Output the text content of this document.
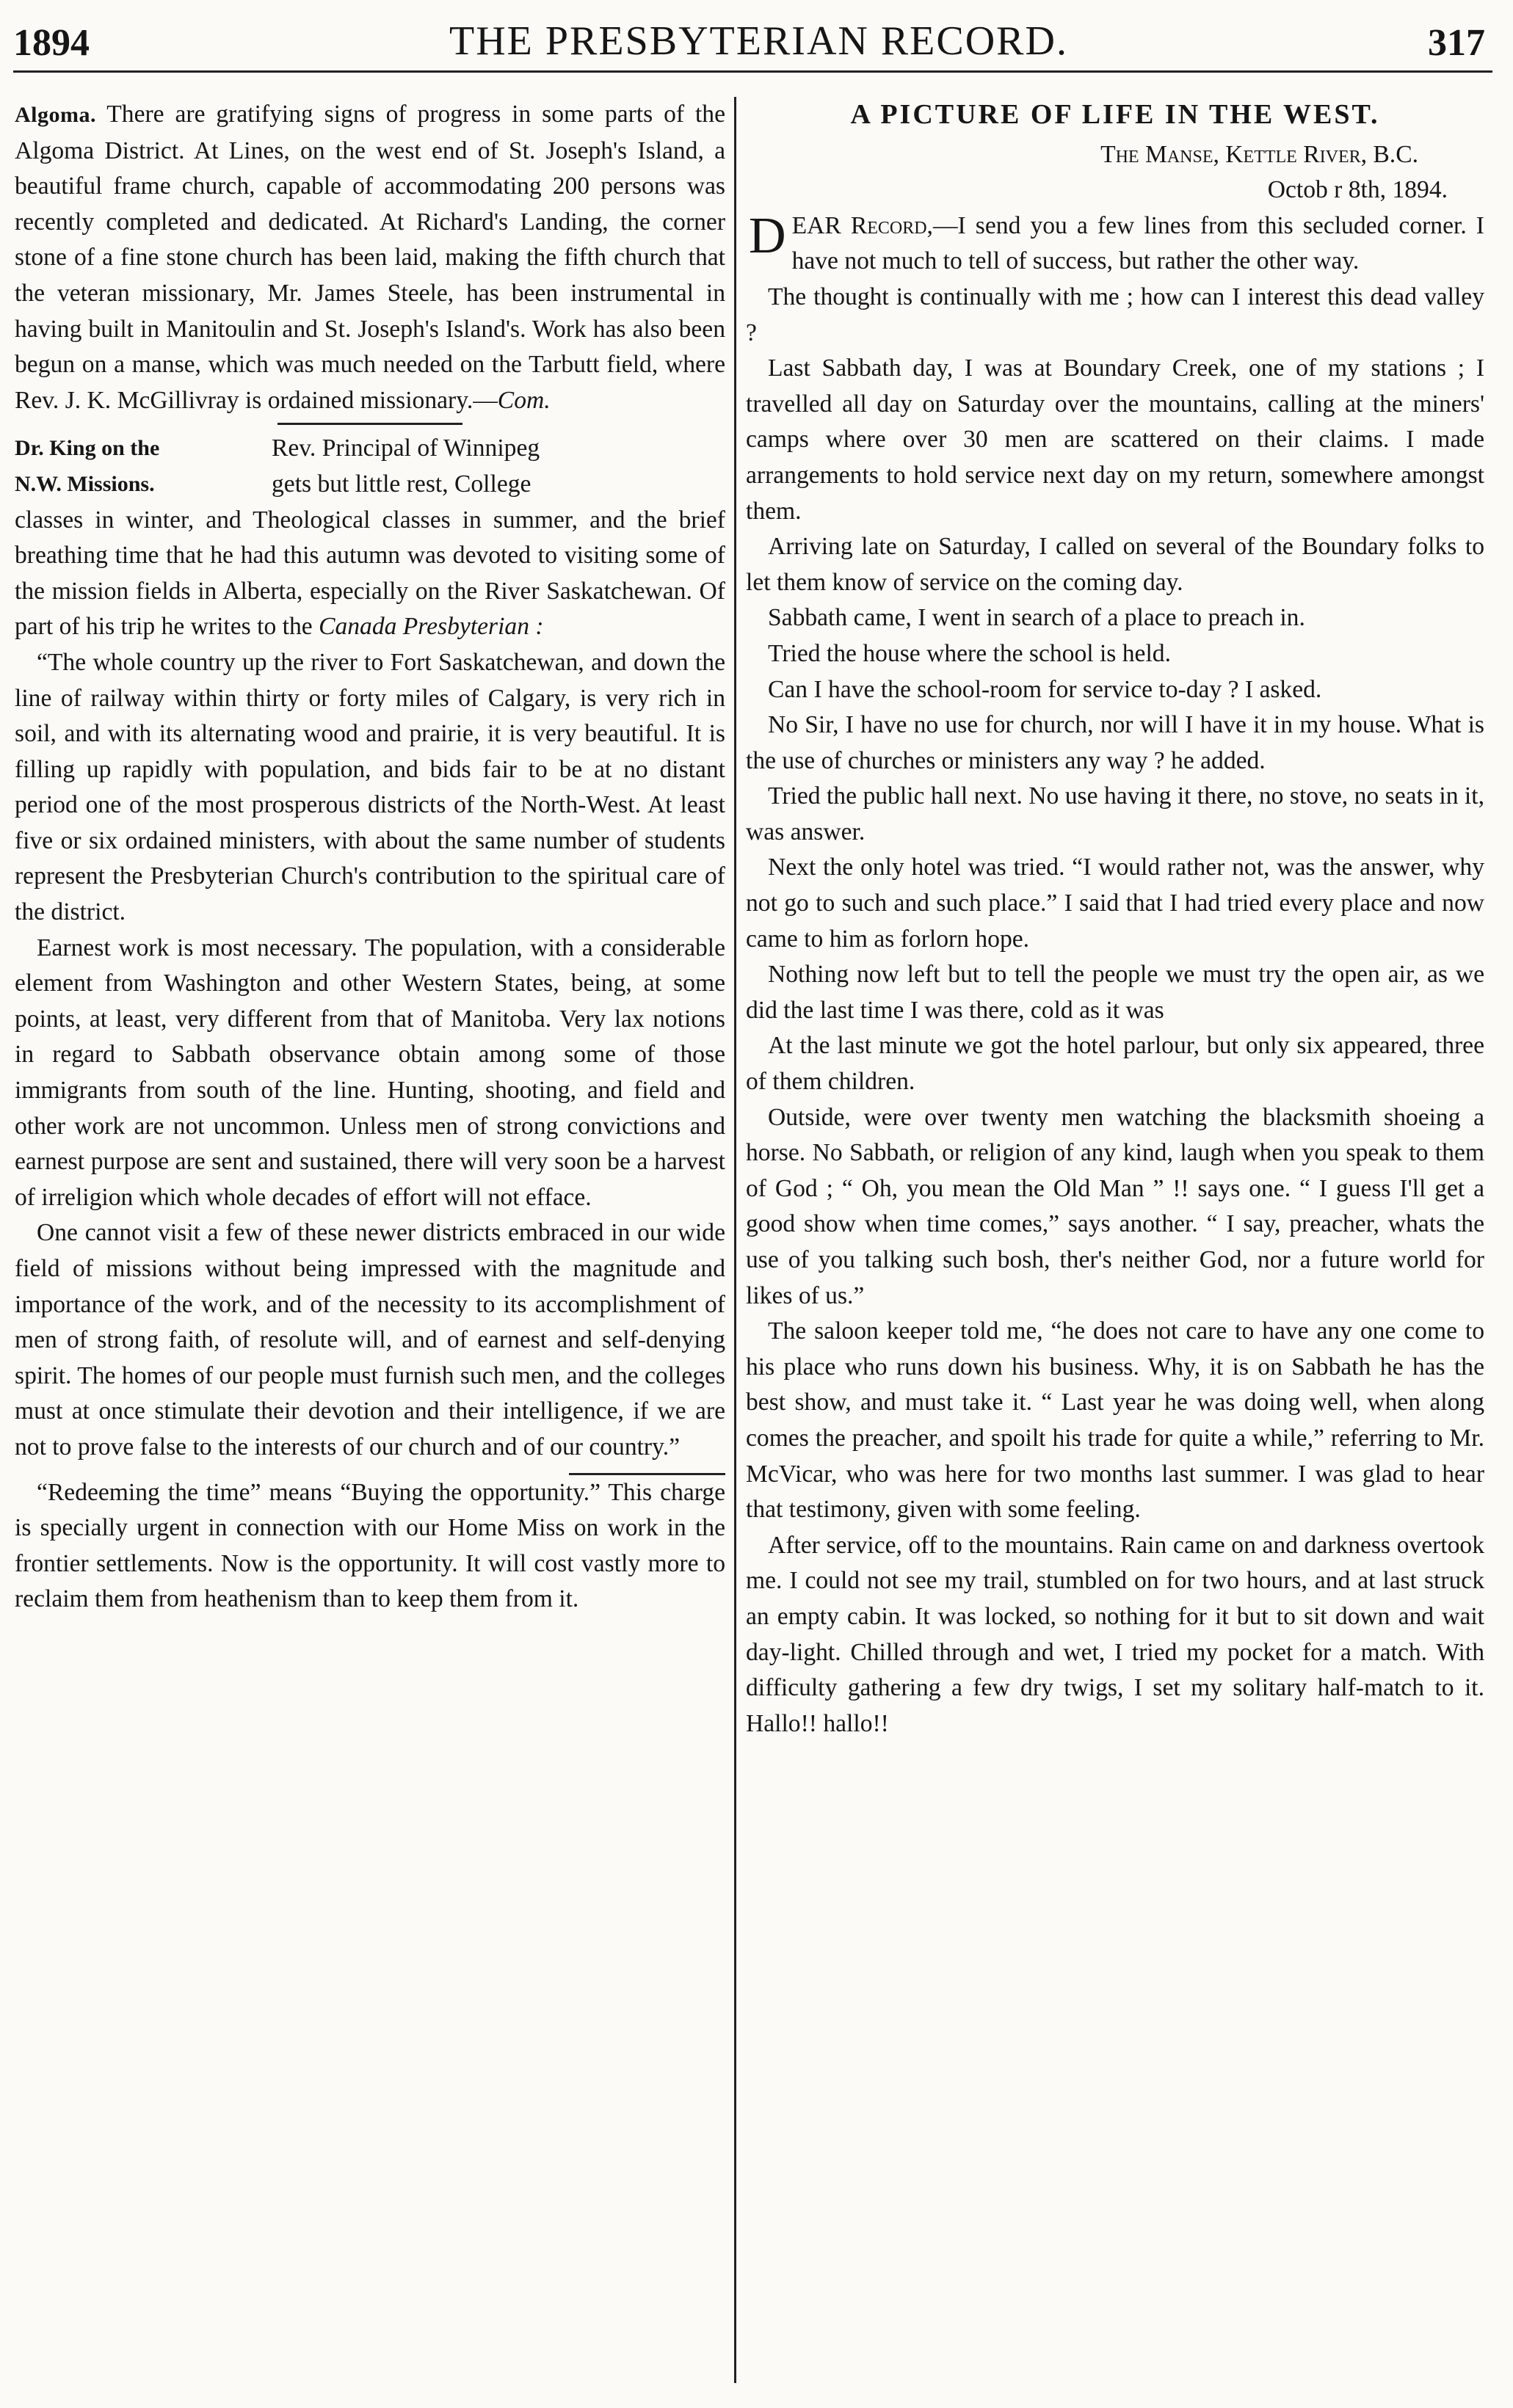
1894	THE PRESBYTERIAN RECORD.	317

Algoma. There are gratifying signs of progress in some parts of the Algoma District. At Lines, on the west end of St. Joseph's Island, a beautiful frame church, capable of accommodating 200 persons was recently completed and dedicated. At Richard's Landing, the corner stone of a fine stone church has been laid, making the fifth church that the veteran missionary, Mr. James Steele, has been instrumental in having built in Manitoulin and St. Joseph's Island's. Work has also been begun on a manse, which was much needed on the Tarbutt field, where Rev. J. K. McGillivray is ordained missionary.—Com.

Dr. King on the
N.W. Missions.
Rev. Principal of Winnipeg
gets but little rest, College

classes in winter, and Theological classes in summer, and the brief breathing time that he had this autumn was devoted to visiting some of the mission fields in Alberta, especially on the River Saskatchewan. Of part of his trip he writes to the Canada Presbyterian :

“The whole country up the river to Fort Saskatchewan, and down the line of railway within thirty or forty miles of Calgary, is very rich in soil, and with its alternating wood and prairie, it is very beautiful. It is filling up rapidly with population, and bids fair to be at no distant period one of the most prosperous districts of the North-West. At least five or six ordained ministers, with about the same number of students represent the Presbyterian Church's contribution to the spiritual care of the district.

Earnest work is most necessary. The population, with a considerable element from Washington and other Western States, being, at some points, at least, very different from that of Manitoba. Very lax notions in regard to Sabbath observance obtain among some of those immigrants from south of the line. Hunting, shooting, and field and other work are not uncommon. Unless men of strong convictions and earnest purpose are sent and sustained, there will very soon be a harvest of irreligion which whole decades of effort will not efface.

One cannot visit a few of these newer districts embraced in our wide field of missions without being impressed with the magnitude and importance of the work, and of the necessity to its accomplishment of men of strong faith, of resolute will, and of earnest and self-denying spirit. The homes of our people must furnish such men, and the colleges must at once stimulate their devotion and their intelligence, if we are not to prove false to the interests of our church and of our country.”

“Redeeming the time” means “Buying the opportunity.” This charge is specially urgent in connection with our Home Miss on work in the frontier settlements. Now is the opportunity. It will cost vastly more to reclaim them from heathenism than to keep them from it.

A PICTURE OF LIFE IN THE WEST.
The Manse, Kettle River, B.C.
Octob r 8th, 1894.

DEAR Record,—I send you a few lines from this secluded corner. I have not much to tell of success, but rather the other way.

The thought is continually with me ; how can I interest this dead valley ?

Last Sabbath day, I was at Boundary Creek, one of my stations ; I travelled all day on Saturday over the mountains, calling at the miners' camps where over 30 men are scattered on their claims. I made arrangements to hold service next day on my return, somewhere amongst them.

Arriving late on Saturday, I called on several of the Boundary folks to let them know of service on the coming day.

Sabbath came, I went in search of a place to preach in.

Tried the house where the school is held.

Can I have the school-room for service to-day ? I asked.

No Sir, I have no use for church, nor will I have it in my house. What is the use of churches or ministers any way ? he added.

Tried the public hall next. No use having it there, no stove, no seats in it, was answer.

Next the only hotel was tried. “I would rather not, was the answer, why not go to such and such place.” I said that I had tried every place and now came to him as forlorn hope.

Nothing now left but to tell the people we must try the open air, as we did the last time I was there, cold as it was

At the last minute we got the hotel parlour, but only six appeared, three of them children.

Outside, were over twenty men watching the blacksmith shoeing a horse. No Sabbath, or religion of any kind, laugh when you speak to them of God ; “ Oh, you mean the Old Man ” !! says one. “ I guess I'll get a good show when time comes,” says another. “ I say, preacher, whats the use of you talking such bosh, ther's neither God, nor a future world for likes of us.”

The saloon keeper told me, “he does not care to have any one come to his place who runs down his business. Why, it is on Sabbath he has the best show, and must take it. “ Last year he was doing well, when along comes the preacher, and spoilt his trade for quite a while,” referring to Mr. McVicar, who was here for two months last summer. I was glad to hear that testimony, given with some feeling.

After service, off to the mountains. Rain came on and darkness overtook me. I could not see my trail, stumbled on for two hours, and at last struck an empty cabin. It was locked, so nothing for it but to sit down and wait day-light. Chilled through and wet, I tried my pocket for a match. With difficulty gathering a few dry twigs, I set my solitary half-match to it. Hallo!! hallo!!
